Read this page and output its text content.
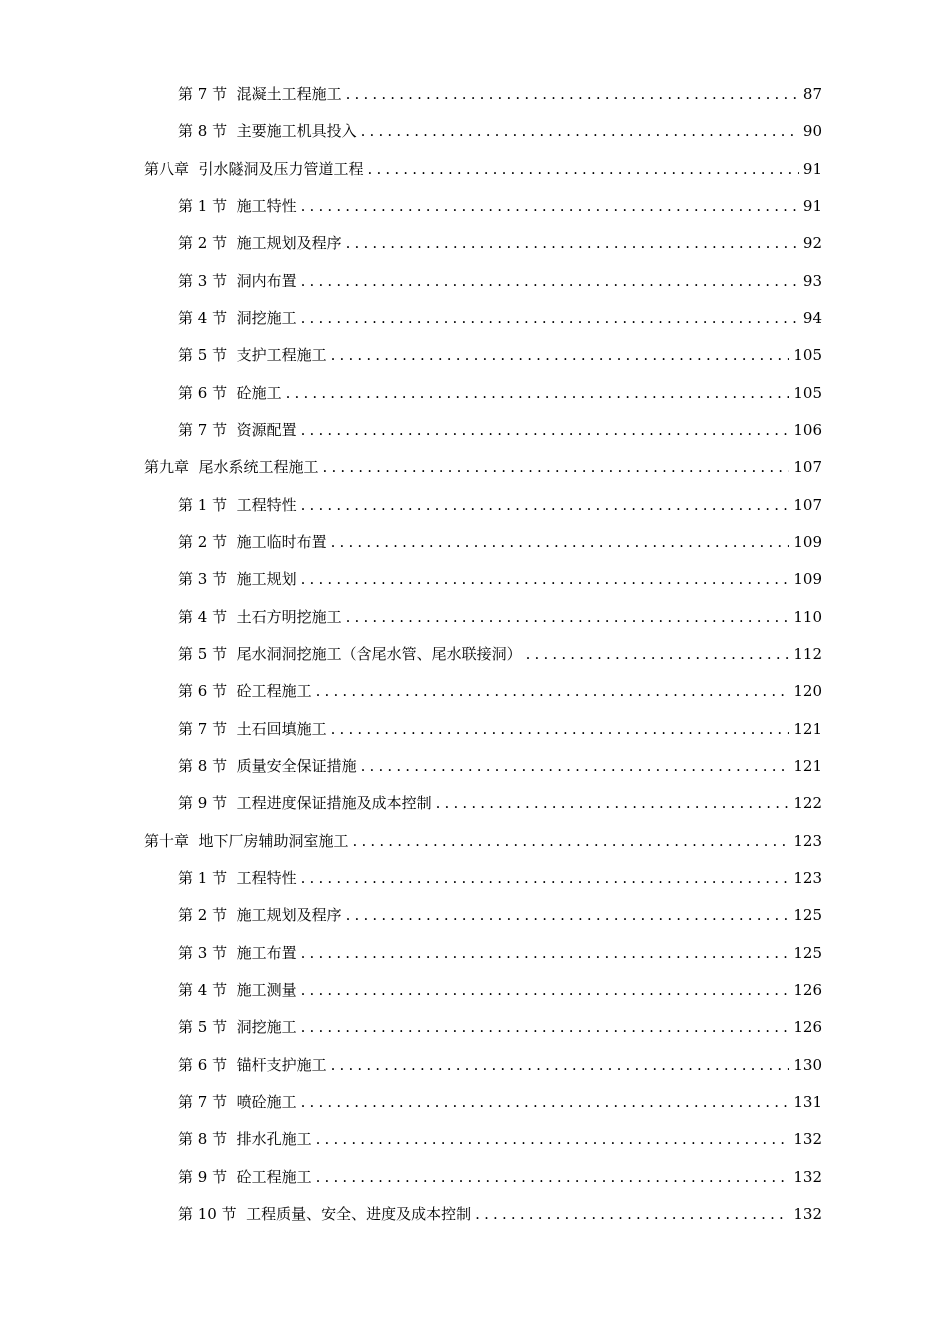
第 7 节  混凝土工程施工 . . .	87
第 8 节  主要施工机具投入 . . .	90
第八章  引水隧洞及压力管道工程 . . .	91
第 1 节  施工特性 . . .	91
第 2 节  施工规划及程序 . . .	92
第 3 节  洞内布置 . . .	93
第 4 节  洞挖施工 . . .	94
第 5 节  支护工程施工 . . .	105
第 6 节  砼施工 . . .	105
第 7 节  资源配置 . . .	106
第九章  尾水系统工程施工 . . .	107
第 1 节  工程特性 . . .	107
第 2 节  施工临时布置 . . .	109
第 3 节  施工规划 . . .	109
第 4 节  土石方明挖施工 . . .	110
第 5 节  尾水洞洞挖施工（含尾水管、尾水联接洞） . . .	112
第 6 节  砼工程施工 . . .	120
第 7 节  土石回填施工 . . .	121
第 8 节  质量安全保证措施 . . .	121
第 9 节  工程进度保证措施及成本控制 . . .	122
第十章  地下厂房辅助洞室施工 . . .	123
第 1 节  工程特性 . . .	123
第 2 节  施工规划及程序 . . .	125
第 3 节  施工布置 . . .	125
第 4 节  施工测量 . . .	126
第 5 节  洞挖施工 . . .	126
第 6 节  锚杆支护施工 . . .	130
第 7 节  喷砼施工 . . .	131
第 8 节  排水孔施工 . . .	132
第 9 节  砼工程施工 . . .	132
第 10 节  工程质量、安全、进度及成本控制 . . .	132
